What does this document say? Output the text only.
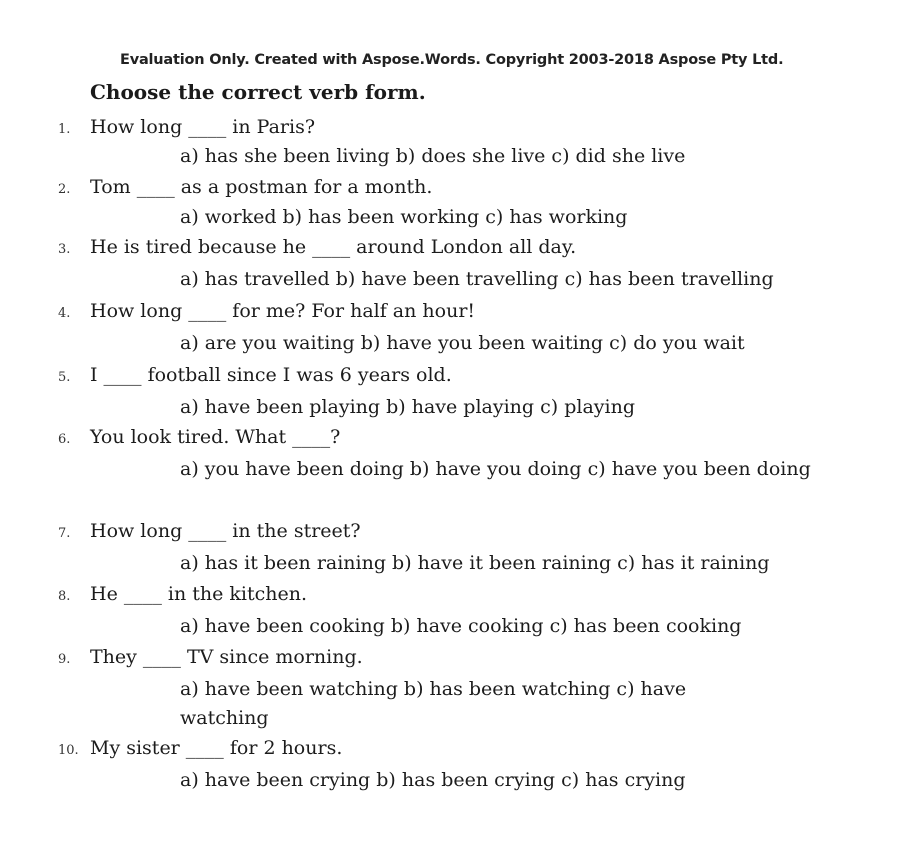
Evaluation Only. Created with Aspose.Words. Copyright 2003-2018 Aspose Pty Ltd.
Choose the correct verb form.
1. How long ____ in Paris?
a) has she been living b) does she live c) did she live
2. Tom ____ as a postman for a month.
a) worked b) has been working c) has working
3. He is tired because he ____ around London all day.
a) has travelled b) have been travelling c) has been travelling
4. How long ____ for me? For half an hour!
a) are you waiting b) have you been waiting c) do you wait
5. I ____ football since I was 6 years old.
a) have been playing b) have playing c) playing
6. You look tired. What ____?
a) you have been doing b) have you doing c) have you been doing
7. How long ____ in the street?
a) has it been raining b) have it been raining c) has it raining
8. He ____ in the kitchen.
a) have been cooking b) have cooking c) has been cooking
9. They ____ TV since morning.
a) have been watching b) has been watching c) have watching
10. My sister ____ for 2 hours.
a) have been crying b) has been crying c) has crying
